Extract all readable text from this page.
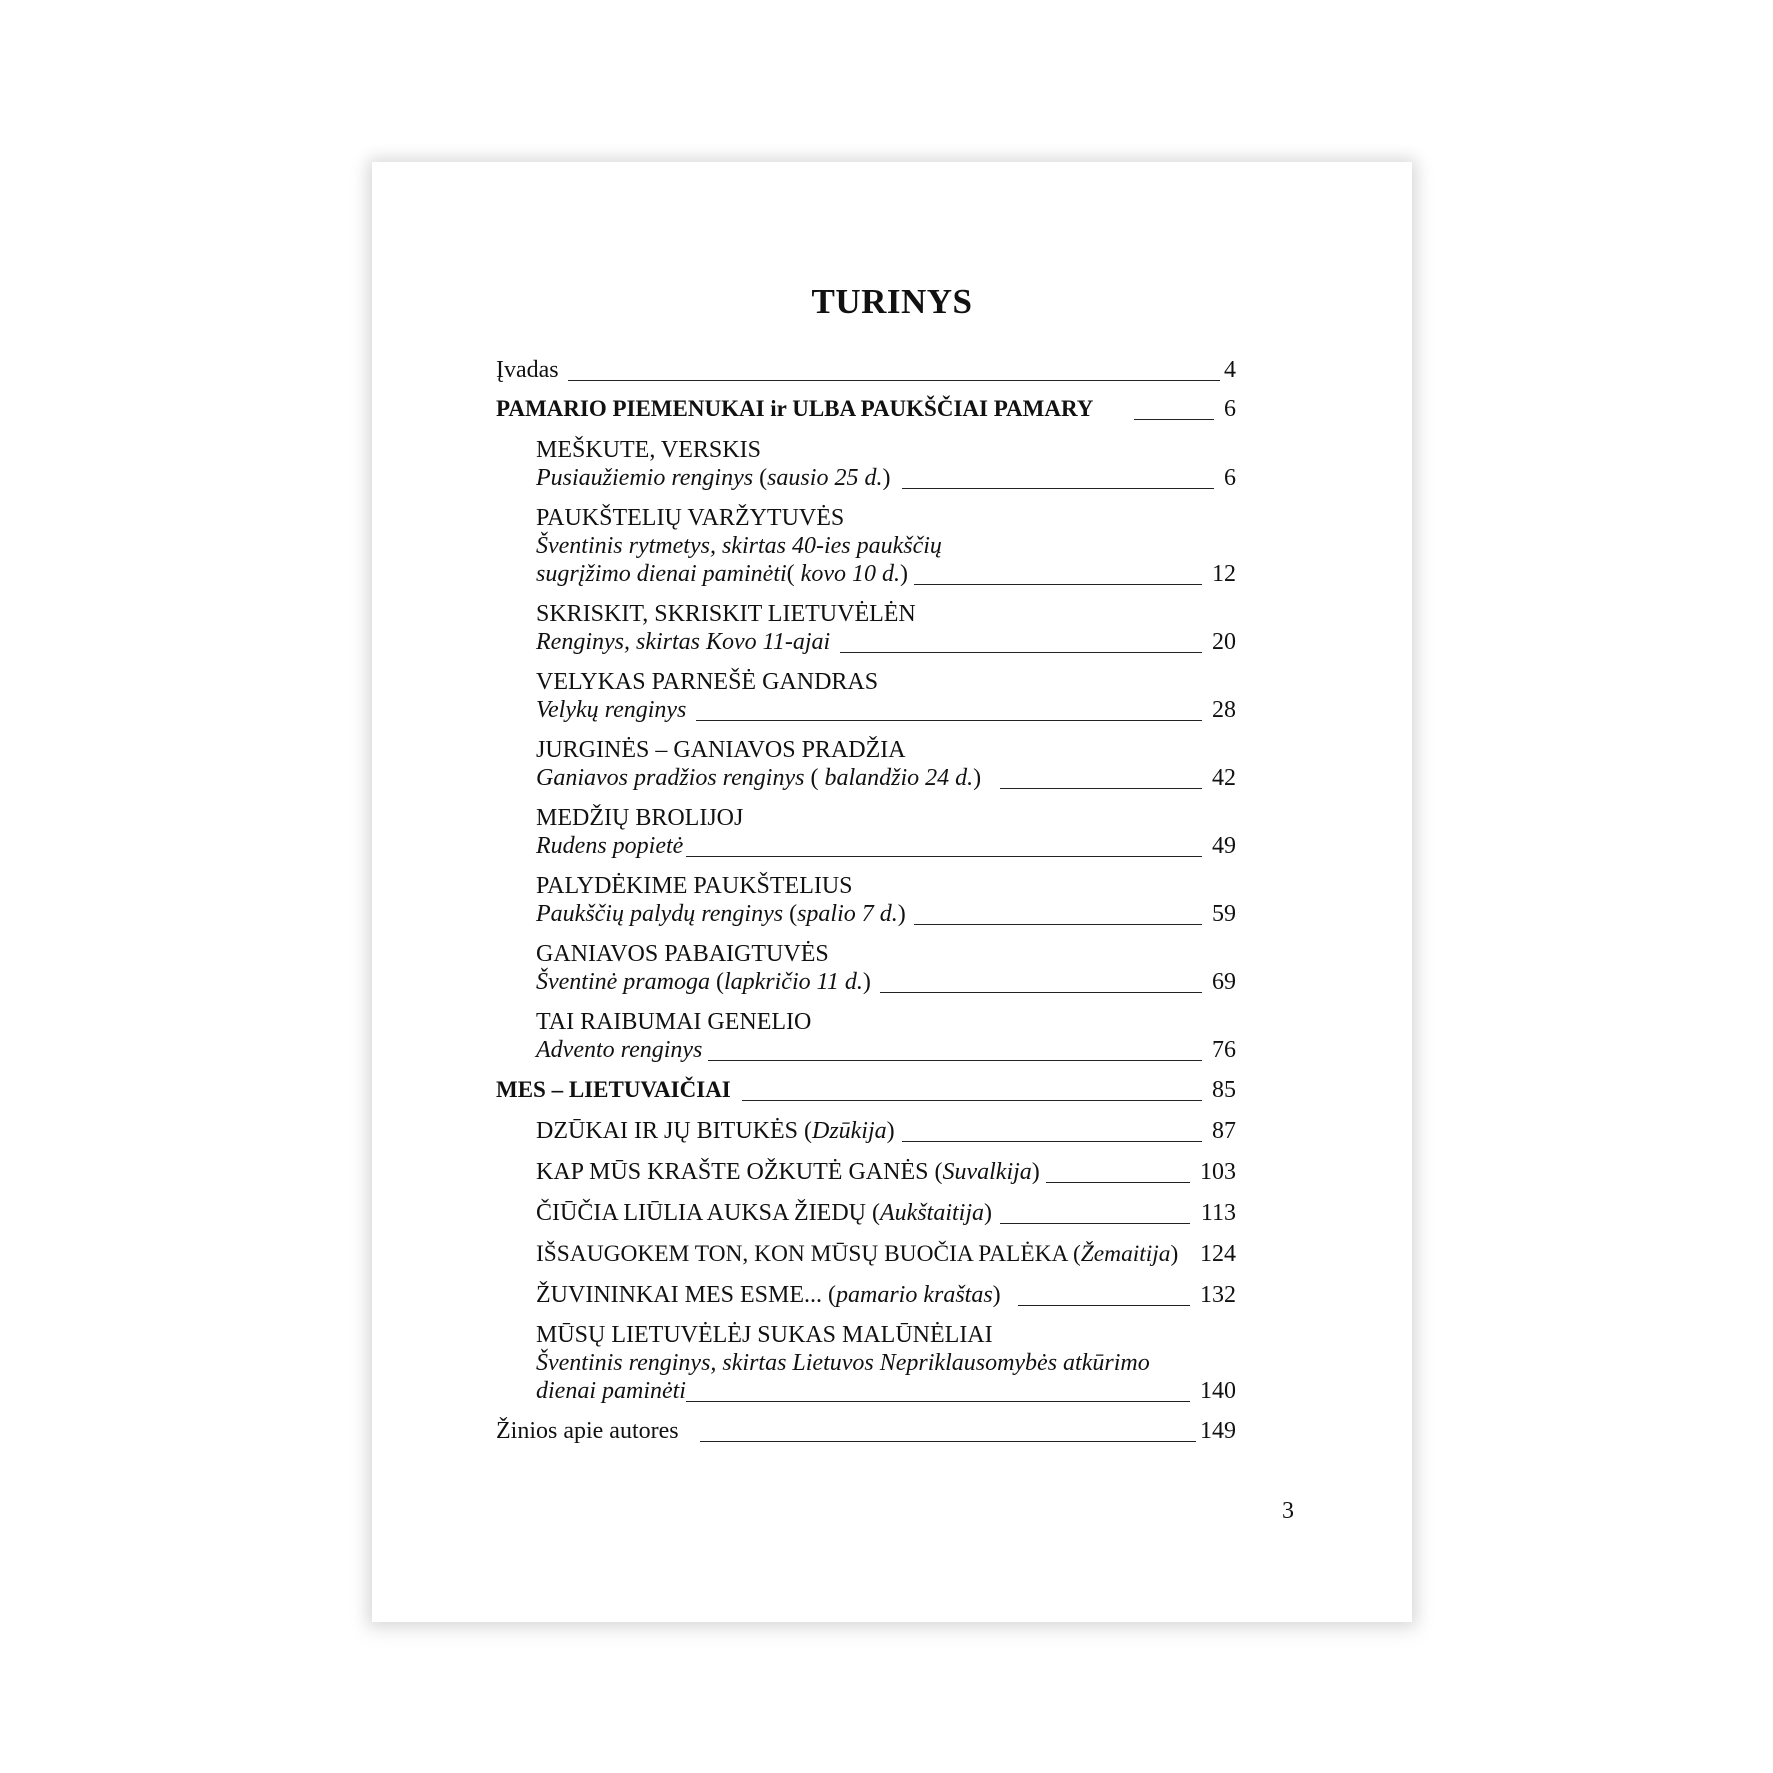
TURINYS
Įvadas	4
PAMARIO PIEMENUKAI ir ULBA PAUKŠČIAI PAMARY	6
MEŠKUTE, VERSKIS
Pusiaužiemio renginys (sausio 25 d.)	6
PAUKŠTELIŲ VARŽYTUVĖS
Šventinis rytmetys, skirtas 40-ies paukščių
sugrįžimo dienai paminėti( kovo 10 d.)	12
SKRISKIT, SKRISKIT LIETUVĖLĖN
Renginys, skirtas Kovo 11-ajai	20
VELYKAS PARNEŠĖ GANDRAS
Velykų renginys	28
JURGINĖS – GANIAVOS PRADŽIA
Ganiavos pradžios renginys ( balandžio 24 d.)	42
MEDŽIŲ BROLIJOJ
Rudens popietė	49
PALYDĖKIME PAUKŠTELIUS
Paukščių palydų renginys (spalio 7 d.)	59
GANIAVOS PABAIGTUVĖS
Šventinė pramoga (lapkričio 11 d.)	69
TAI RAIBUMAI GENELIO
Advento renginys	76
MES – LIETUVAIČIAI	85
DZŪKAI IR JŲ BITUKĖS (Dzūkija)	87
KAP MŪS KRAŠTE OŽKUTĖ GANĖS (Suvalkija)	103
ČIŪČIA LIŪLIA AUKSA ŽIEDŲ (Aukštaitija)	113
IŠSAUGOKEM TON, KON MŪSŲ BUOČIA PALĖKA (Žemaitija) 124
ŽUVININKAI MES ESME... (pamario kraštas)	132
MŪSŲ LIETUVĖLĖJ SUKAS MALŪNĖLIAI
Šventinis renginys, skirtas Lietuvos Nepriklausomybės atkūrimo
dienai paminėti	140
Žinios apie autores	149
3
